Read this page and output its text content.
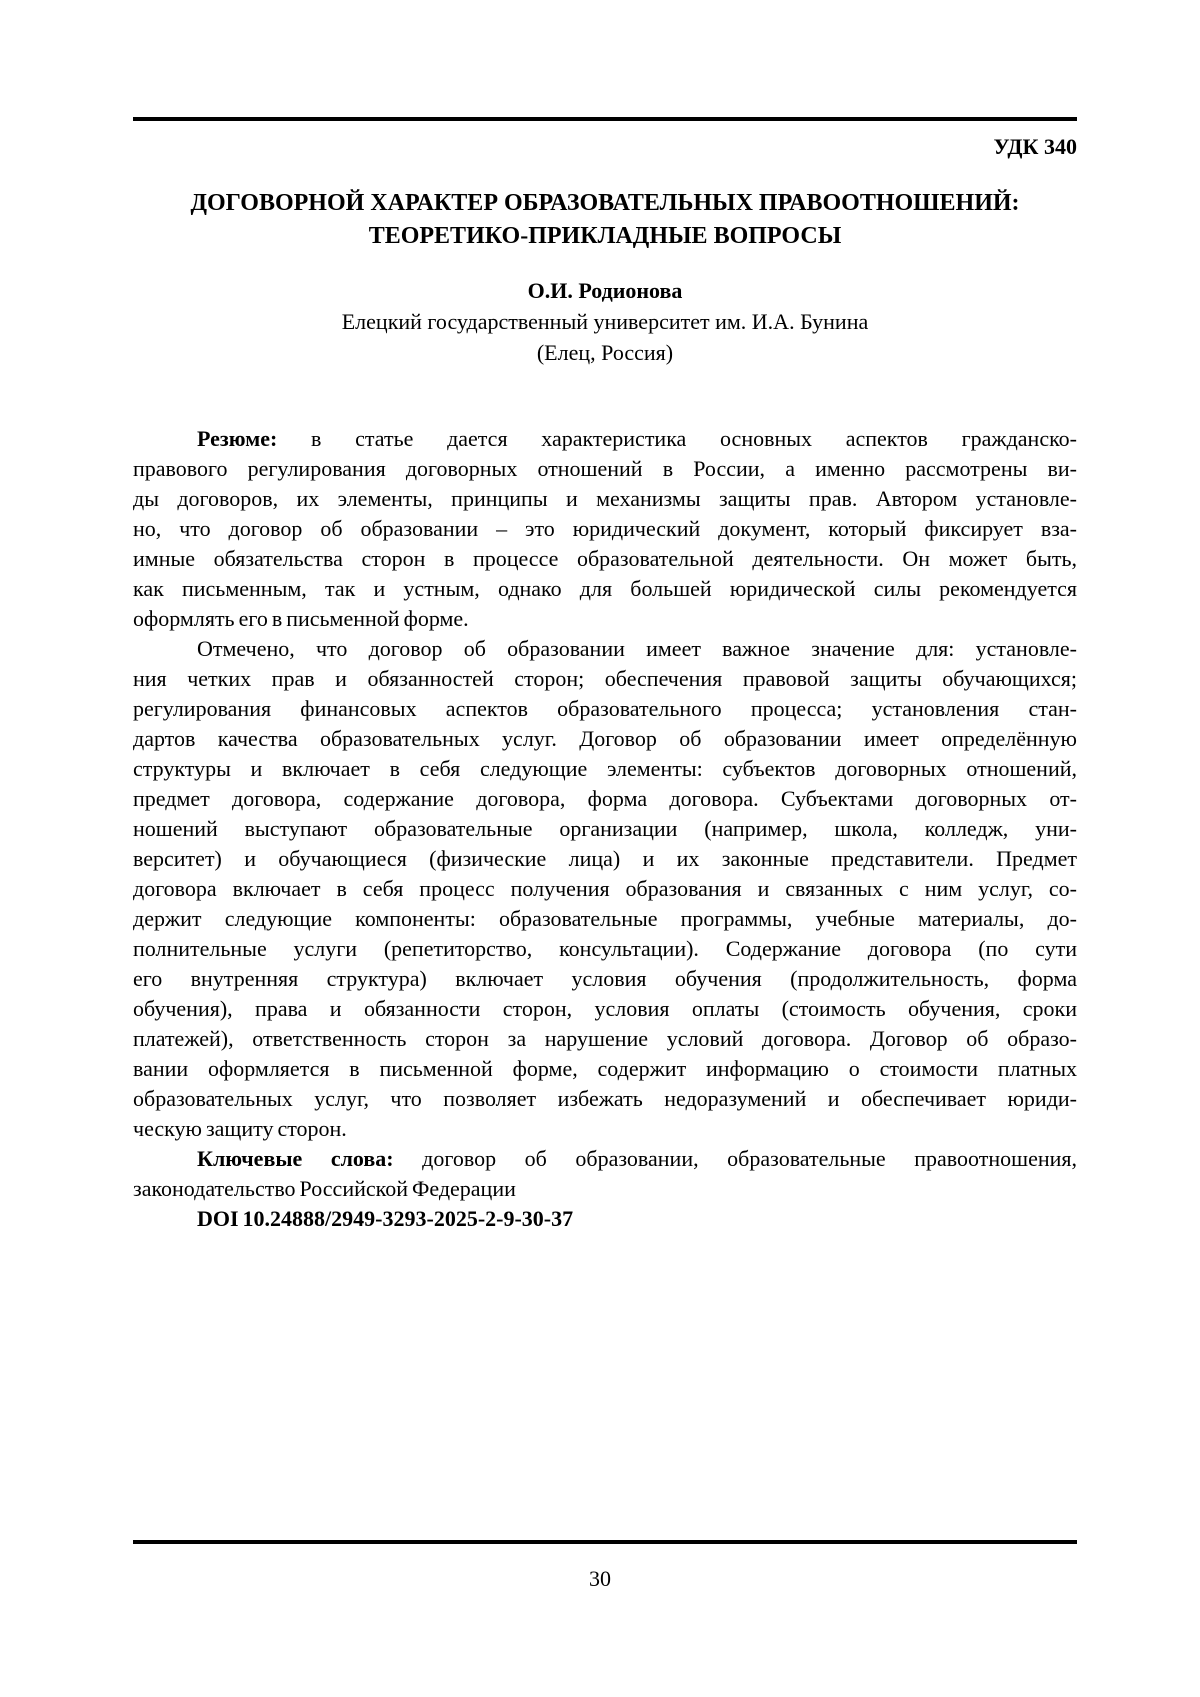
УДК 340
ДОГОВОРНОЙ ХАРАКТЕР ОБРАЗОВАТЕЛЬНЫХ ПРАВООТНОШЕНИЙ:
ТЕОРЕТИКО-ПРИКЛАДНЫЕ ВОПРОСЫ
О.И. Родионова
Елецкий государственный университет им. И.А. Бунина
(Елец, Россия)
Резюме: в статье дается характеристика основных аспектов гражданско-
правового регулирования договорных отношений в России, а именно рассмотрены ви-
ды договоров, их элементы, принципы и механизмы защиты прав. Автором установле-
но, что договор об образовании – это юридический документ, который фиксирует вза-
имные обязательства сторон в процессе образовательной деятельности. Он может быть,
как письменным, так и устным, однако для большей юридической силы рекомендуется
оформлять его в письменной форме.
Отмечено, что договор об образовании имеет важное значение для: установле-
ния четких прав и обязанностей сторон; обеспечения правовой защиты обучающихся;
регулирования финансовых аспектов образовательного процесса; установления стан-
дартов качества образовательных услуг. Договор об образовании имеет определённую
структуры и включает в себя следующие элементы: субъектов договорных отношений,
предмет договора, содержание договора, форма договора. Субъектами договорных от-
ношений выступают образовательные организации (например, школа, колледж, уни-
верситет) и обучающиеся (физические лица) и их законные представители. Предмет
договора включает в себя процесс получения образования и связанных с ним услуг, со-
держит следующие компоненты: образовательные программы, учебные материалы, до-
полнительные услуги (репетиторство, консультации). Содержание договора (по сути
его внутренняя структура) включает условия обучения (продолжительность, форма
обучения), права и обязанности сторон, условия оплаты (стоимость обучения, сроки
платежей), ответственность сторон за нарушение условий договора. Договор об образо-
вании оформляется в письменной форме, содержит информацию о стоимости платных
образовательных услуг, что позволяет избежать недоразумений и обеспечивает юриди-
ческую защиту сторон.
Ключевые слова: договор об образовании, образовательные правоотношения,
законодательство Российской Федерации
DOI 10.24888/2949-3293-2025-2-9-30-37
30
